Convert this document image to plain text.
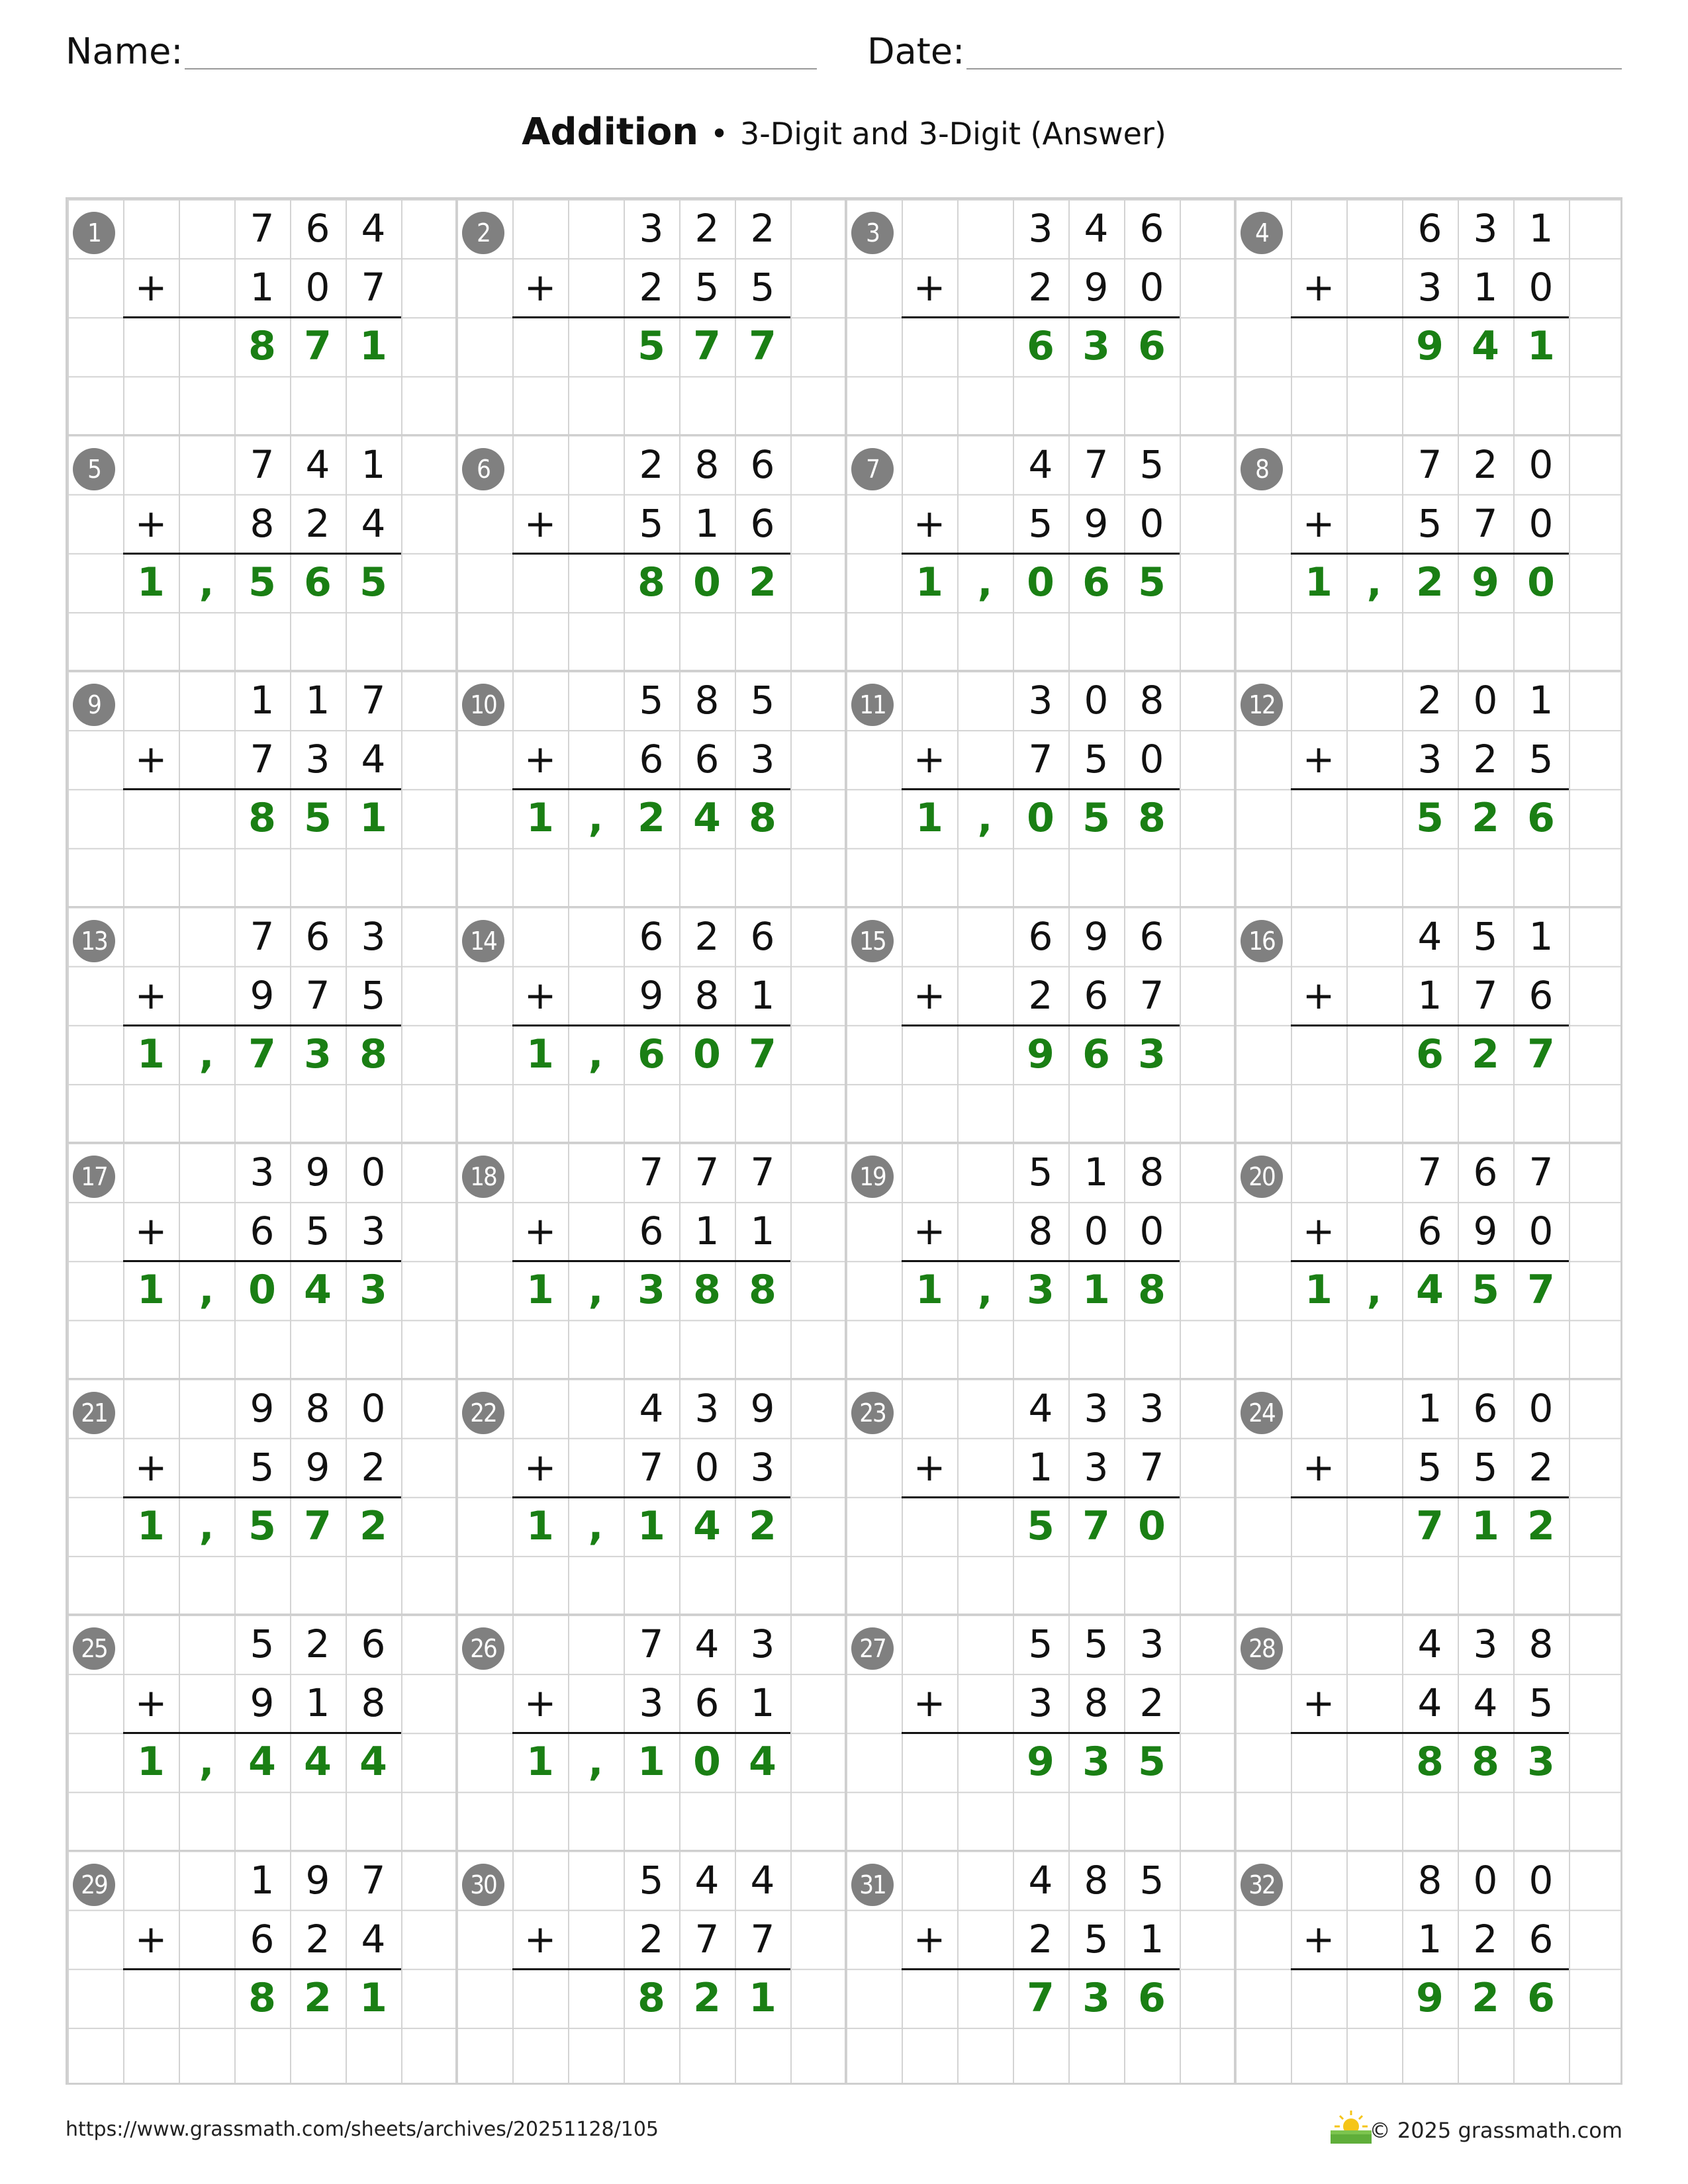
Name:	Date:
Addition • 3-Digit and 3-Digit (Answer)
1	7 6 4
1 0 7
+
8 7 1
2	3 2 2
2 5 5
+
5 7 7
3	3 4 6
2 9 0
+
6 3 6
4	6 3 1
3 1 0
+
9 4 1
5	7 4 1
8 2 4
+
1 , 5 6 5
6	2 8 6
5 1 6
+
8 0 2
7	4 7 5
5 9 0
+
1 , 0 6 5
8	7 2 0
5 7 0
+
1 , 2 9 0
9	1 1 7
7 3 4
+
8 5 1
10	5 8 5
6 6 3
+
1 , 2 4 8
11	3 0 8
7 5 0
+
1 , 0 5 8
12	2 0 1
3 2 5
+
5 2 6
13	7 6 3
9 7 5
+
1 , 7 3 8
14	6 2 6
9 8 1
+
1 , 6 0 7
15	6 9 6
2 6 7
+
9 6 3
16	4 5 1
1 7 6
+
6 2 7
17	3 9 0
6 5 3
+
1 , 0 4 3
18	7 7 7
6 1 1
+
1 , 3 8 8
19	5 1 8
8 0 0
+
1 , 3 1 8
20	7 6 7
6 9 0
+
1 , 4 5 7
21	9 8 0
5 9 2
+
1 , 5 7 2
22	4 3 9
7 0 3
+
1 , 1 4 2
23	4 3 3
1 3 7
+
5 7 0
24	1 6 0
5 5 2
+
7 1 2
25	5 2 6
9 1 8
+
1 , 4 4 4
26	7 4 3
3 6 1
+
1 , 1 0 4
27	5 5 3
3 8 2
+
9 3 5
28	4 3 8
4 4 5
+
8 8 3
29	1 9 7
6 2 4
+
8 2 1
30	5 4 4
2 7 7
+
8 2 1
31	4 8 5
2 5 1
+
7 3 6
32	8 0 0
1 2 6
+
9 2 6
https://www.grassmath.com/sheets/archives/20251128/105	© 2025 grassmath.com
